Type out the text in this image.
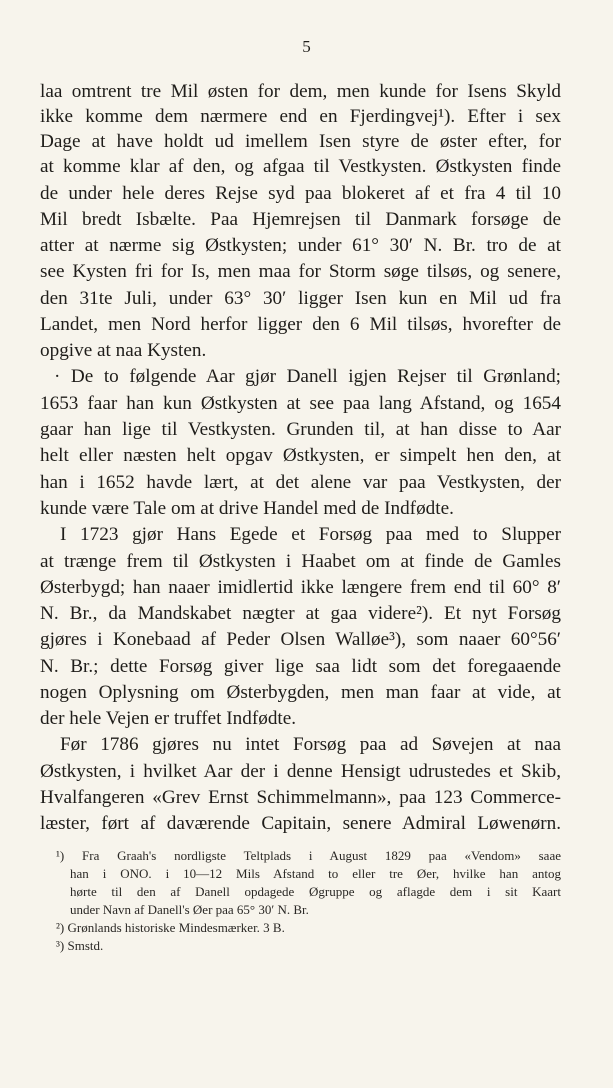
5
laa omtrent tre Mil østen for dem, men kunde for Isens Skyld
ikke komme dem nærmere end en Fjerdingvej¹). Efter i sex
Dage at have holdt ud imellem Isen styre de øster efter, for
at komme klar af den, og afgaa til Vestkysten. Østkysten finde
de under hele deres Rejse syd paa blokeret af et fra 4 til 10
Mil bredt Isbælte. Paa Hjemrejsen til Danmark forsøge de
atter at nærme sig Østkysten; under 61° 30′ N. Br. tro de at
see Kysten fri for Is, men maa for Storm søge tilsøs, og senere,
den 31te Juli, under 63° 30′ ligger Isen kun en Mil ud fra
Landet, men Nord herfor ligger den 6 Mil tilsøs, hvorefter de
opgive at naa Kysten.
· De to følgende Aar gjør Danell igjen Rejser til Grønland;
1653 faar han kun Østkysten at see paa lang Afstand, og 1654
gaar han lige til Vestkysten. Grunden til, at han disse to Aar
helt eller næsten helt opgav Østkysten, er simpelt hen den, at
han i 1652 havde lært, at det alene var paa Vestkysten, der
kunde være Tale om at drive Handel med de Indfødte.
I 1723 gjør Hans Egede et Forsøg paa med to Slupper
at trænge frem til Østkysten i Haabet om at finde de Gamles
Østerbygd; han naaer imidlertid ikke længere frem end til 60° 8′
N. Br., da Mandskabet nægter at gaa videre²). Et nyt Forsøg
gjøres i Konebaad af Peder Olsen Walløe³), som naaer 60°56′
N. Br.; dette Forsøg giver lige saa lidt som det foregaaende
nogen Oplysning om Østerbygden, men man faar at vide, at
der hele Vejen er truffet Indfødte.
Før 1786 gjøres nu intet Forsøg paa ad Søvejen at naa
Østkysten, i hvilket Aar der i denne Hensigt udrustedes et Skib,
Hvalfangeren «Grev Ernst Schimmelmann», paa 123 Commerce-
læster, ført af daværende Capitain, senere Admiral Løwenørn.
¹) Fra Graah's nordligste Teltplads i August 1829 paa «Vendom» saae
han i ONO. i 10—12 Mils Afstand to eller tre Øer, hvilke han antog
hørte til den af Danell opdagede Øgruppe og aflagde dem i sit Kaart
under Navn af Danell's Øer paa 65° 30′ N. Br.
²) Grønlands historiske Mindesmærker. 3 B.
³) Smstd.
